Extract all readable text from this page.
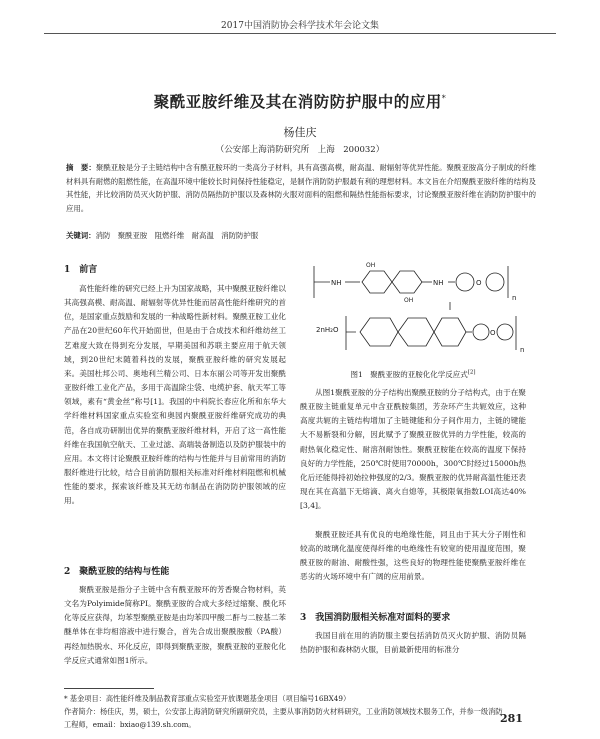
2017中国消防协会科学技术年会论文集
聚酰亚胺纤维及其在消防防护服中的应用*
杨佳庆
（公安部上海消防研究所　上海　200032）
摘　要：聚酰亚胺是分子主链结构中含有酰亚胺环的一类高分子材料，具有高强高模，耐高温、耐辐射等优异性能。聚酰亚胺高分子制成的纤维材料具有耐燃的阻燃性能，在高温环境中能较长时间保持性能稳定，是制作消防防护服最有利的理想材料。本文旨在介绍聚酰亚胺纤维的结构及其性能，并比较消防员灭火防护服、消防员隔热防护服以及森林防火服对面料的阻燃和隔热性能指标要求，讨论聚酰亚胺纤维在消防防护服中的应用。
关键词：消防　聚酰亚胺　阻燃纤维　耐高温　消防防护服
1　前言

高性能纤维的研究已经上升为国家战略，其中聚酰亚胺纤维以其高强高模、耐高温、耐辐射等优异性能而居高性能纤维研究的首位，是国家重点鼓励和发展的一种战略性新材料。聚酰亚胺工业化产品在20世纪60年代开始面世，但是由于合成技术和纤维纺丝工艺难度大致在得到充分发展，早期美国和苏联主要应用于航天领域，到20世纪末随着科技的发展，聚酰亚胺纤维的研究发展起来。美国杜邦公司、奥地利兰精公司、日本东丽公司等开发出聚酰亚胺纤维工业化产品，多用于高温除尘袋、电缆护套、航天军工等领域，素有“黄金丝”称号[1]。我国的中科院长春应化所和东华大学纤维材料国家重点实验室和奥园内聚酰亚胺纤维研究成功的典范，各自成功研制出优异的聚酰亚胺纤维材料，开启了这一高性能纤维在我国航空航天、工业过滤、高端装备制造以及防护服装中的应用。本文将讨论聚酰亚胺纤维的结构与性能并与目前常用的消防服纤维进行比较，结合目前消防服相关标准对纤维材料阻燃和机械性能的要求，探索该纤维及其无纺布制品在消防防护服领域的应用。

2　聚酰亚胺的结构与性能

聚酰亚胺是指分子主链中含有酰亚胺环的芳香聚合物材料，英文名为Polyimide简称PI。聚酰亚胺的合成大多经过缩聚、酰化环化等反应获得，均苯型聚酰亚胺是由均苯四甲酸二酐与二胺基二苯醚单体在非均相溶液中进行聚合，首先合成出聚酰胺酸（PA酸）再经加热脱水、环化反应，即得到聚酰亚胺，聚酰亚胺的亚胺化化学反应式通常如图1所示。

NH	NH	O
OH
OH	n
2nH₂O	O
n
图1　聚酰亚胺的亚胺化化学反应式[2]

从图1聚酰亚胺的分子结构出聚酰亚胺的分子结构式，由于在聚酰亚胺主链重复单元中含亚酰胺集团，芳杂环产生共轭效应，这种高度共轭的主链结构增加了主链键能和分子间作用力，主链的键能大不易断裂和分解，因此赋予了聚酰亚胺优异的力学性能，较高的耐热氧化稳定性、耐溶剂耐蚀性。聚酰亚胺能在较高的温度下保持良好的力学性能，250℃时使用70000h，300℃时经过15000h热化后还能得持初始拉伸强度的2/3。聚酰亚胺的优异耐高温性能还表现在其在高温下无熔滴、离火自熄等，其极限氧指数LOI高达40%[3,4]。

聚酰亚胺还具有优良的电绝缘性能，同且由于其大分子刚性和较高的玻璃化温度使得纤维的电绝缘性有较宽的使用温度范围，聚酰亚胺的耐油、耐酸性强，这些良好的物理性能使聚酰亚胺纤维在恶劣的火场环境中有广阔的应用前景。

3　我国消防服相关标准对面料的要求

我国目前在用的消防服主要包括消防员灭火防护服、消防员隔热防护服和森林防火服，目前最新使用的标准分

* 基金项目：高性能纤维及制品教育部重点实验室开放课题基金项目（项目编号16BX49）
作者简介：杨佳庆，男，硕士，公安部上海消防研究所副研究员，主要从事消防防火材料研究，工业消防领域技术服务工作，并参一级消防工程师，email：bxiao@139.sh.com。	281
